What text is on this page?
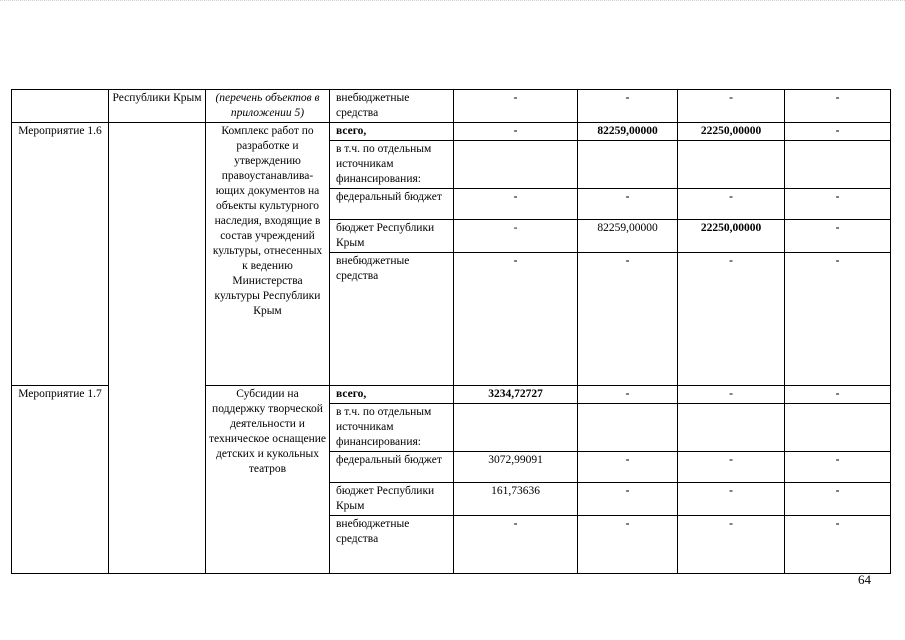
	Республики Крым	(перечень объектов в приложении 5)	внебюджетные средства	-	-	-	-
Мероприятие 1.6		Комплекс работ по разработке и утверждению правоустанавлива-ющих документов на объекты культурного наследия, входящие в состав учреждений культуры, отнесенных к ведению Министерства культуры Республики Крым	всего,	-	82259,00000	22250,00000	-
			в т.ч. по отдельным источникам финансирования:				
			федеральный бюджет	-	-	-	-
			бюджет Республики Крым	-	82259,00000	22250,00000	-
			внебюджетные средства	-	-	-	-
Мероприятие 1.7		Субсидии на поддержку творческой деятельности и техническое оснащение детских и кукольных театров	всего,	3234,72727	-	-	-
			в т.ч. по отдельным источникам финансирования:				
			федеральный бюджет	3072,99091	-	-	-
			бюджет Республики Крым	161,73636	-	-	-
			внебюджетные средства	-	-	-	-
64
